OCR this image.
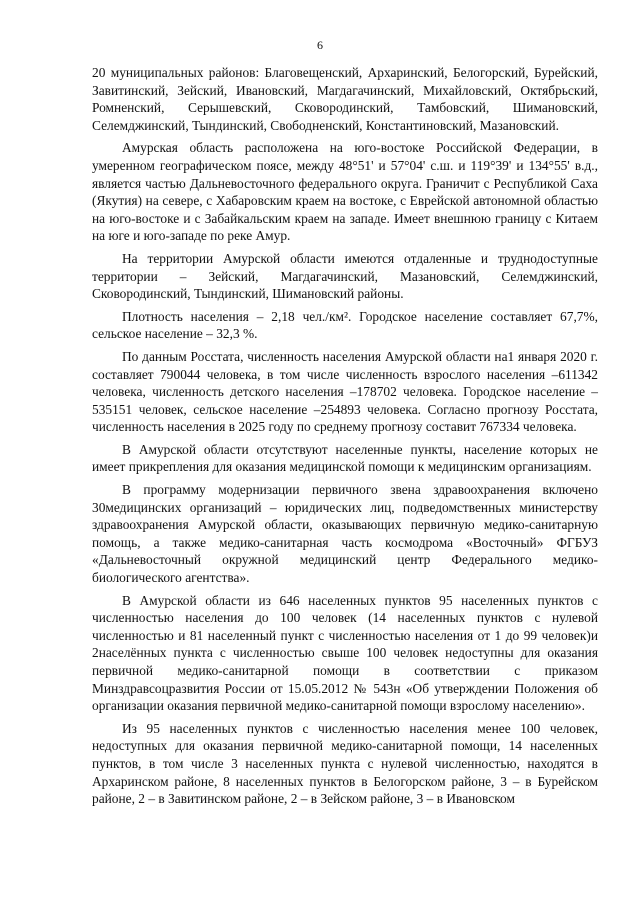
6

20 муниципальных районов: Благовещенский, Архаринский, Белогорский, Бурейский, Завитинский, Зейский, Ивановский, Магдагачинский, Михайловский, Октябрьский, Ромненский, Серышевский, Сковородинский, Тамбовский, Шимановский, Селемджинский, Тындинский, Свободненский, Константиновский, Мазановский.

Амурская область расположена на юго-востоке Российской Федерации, в умеренном географическом поясе, между 48°51' и 57°04' с.ш. и 119°39' и 134°55' в.д., является частью Дальневосточного федерального округа. Граничит с Республикой Саха (Якутия) на севере, с Хабаровским краем на востоке, с Еврейской автономной областью на юго-востоке и с Забайкальским краем на западе. Имеет внешнюю границу с Китаем на юге и юго-западе по реке Амур.

На территории Амурской области имеются отдаленные и труднодоступные территории – Зейский, Магдагачинский, Мазановский, Селемджинский, Сковородинский, Тындинский, Шимановский районы.

Плотность населения – 2,18 чел./км². Городское население составляет 67,7%, сельское население – 32,3 %.

По данным Росстата, численность населения Амурской области на1 января 2020 г. составляет 790044 человека, в том числе численность взрослого населения –611342 человека, численность детского населения –178702 человека. Городское население –535151 человек, сельское население –254893 человека. Согласно прогнозу Росстата, численность населения в 2025 году по среднему прогнозу составит 767334 человека.

В Амурской области отсутствуют населенные пункты, население которых не имеет прикрепления для оказания медицинской помощи к медицинским организациям.

В программу модернизации первичного звена здравоохранения включено 30медицинских организаций – юридических лиц, подведомственных министерству здравоохранения Амурской области, оказывающих первичную медико-санитарную помощь, а также медико-санитарная часть космодрома «Восточный» ФГБУЗ «Дальневосточный окружной медицинский центр Федерального медико-биологического агентства».

В Амурской области из 646 населенных пунктов 95 населенных пунктов с численностью населения до 100 человек (14 населенных пунктов с нулевой численностью и 81 населенный пункт с численностью населения от 1 до 99 человек)и 2населённых пункта с численностью свыше 100 человек недоступны для оказания первичной медико-санитарной помощи в соответствии с приказом Минздравсоцразвития России от 15.05.2012 № 543н «Об утверждении Положения об организации оказания первичной медико-санитарной помощи взрослому населению».

Из 95 населенных пунктов с численностью населения менее 100 человек, недоступных для оказания первичной медико-санитарной помощи, 14 населенных пунктов, в том числе 3 населенных пункта с нулевой численностью, находятся в Архаринском районе, 8 населенных пунктов в Белогорском районе, 3 – в Бурейском районе, 2 – в Завитинском районе, 2 – в Зейском районе, 3 – в Ивановском
